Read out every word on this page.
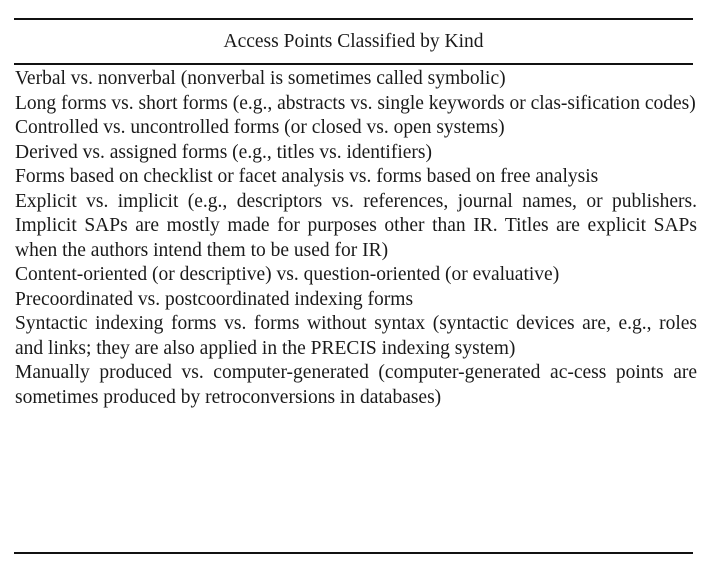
Access Points Classified by Kind
Verbal vs. nonverbal (nonverbal is sometimes called symbolic)
Long forms vs. short forms (e.g., abstracts vs. single keywords or clas-sification codes)
Controlled vs. uncontrolled forms (or closed vs. open systems)
Derived vs. assigned forms (e.g., titles vs. identifiers)
Forms based on checklist or facet analysis vs. forms based on free analysis
Explicit vs. implicit (e.g., descriptors vs. references, journal names, or publishers. Implicit SAPs are mostly made for purposes other than IR. Titles are explicit SAPs when the authors intend them to be used for IR)
Content-oriented (or descriptive) vs. question-oriented (or evaluative)
Precoordinated vs. postcoordinated indexing forms
Syntactic indexing forms vs. forms without syntax (syntactic devices are, e.g., roles and links; they are also applied in the PRECIS indexing system)
Manually produced vs. computer-generated (computer-generated ac-cess points are sometimes produced by retroconversions in databases)
